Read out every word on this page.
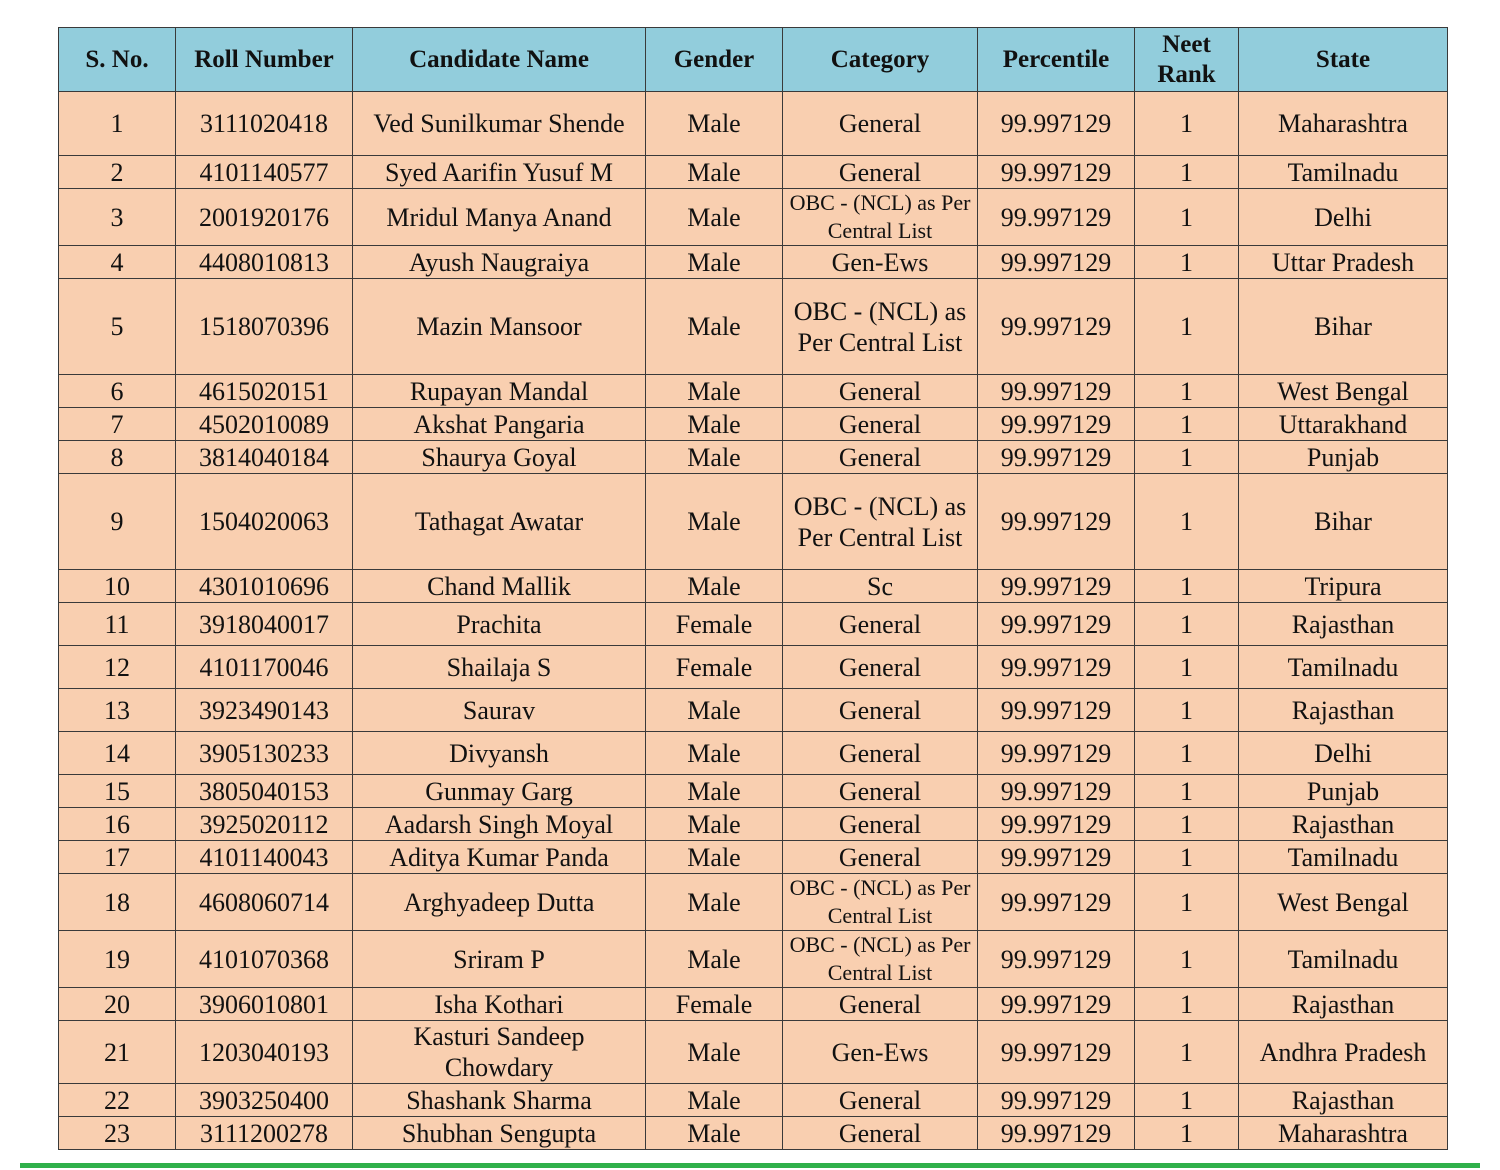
S. No.	Roll Number	Candidate Name	Gender	Category	Percentile	Neet Rank	State
1	3111020418	Ved Sunilkumar Shende	Male	General	99.997129	1	Maharashtra
2	4101140577	Syed Aarifin Yusuf M	Male	General	99.997129	1	Tamilnadu
3	2001920176	Mridul Manya Anand	Male	OBC - (NCL) as Per Central List	99.997129	1	Delhi
4	4408010813	Ayush Naugraiya	Male	Gen-Ews	99.997129	1	Uttar Pradesh
5	1518070396	Mazin Mansoor	Male	OBC - (NCL) as Per Central List	99.997129	1	Bihar
6	4615020151	Rupayan Mandal	Male	General	99.997129	1	West Bengal
7	4502010089	Akshat Pangaria	Male	General	99.997129	1	Uttarakhand
8	3814040184	Shaurya Goyal	Male	General	99.997129	1	Punjab
9	1504020063	Tathagat Awatar	Male	OBC - (NCL) as Per Central List	99.997129	1	Bihar
10	4301010696	Chand Mallik	Male	Sc	99.997129	1	Tripura
11	3918040017	Prachita	Female	General	99.997129	1	Rajasthan
12	4101170046	Shailaja S	Female	General	99.997129	1	Tamilnadu
13	3923490143	Saurav	Male	General	99.997129	1	Rajasthan
14	3905130233	Divyansh	Male	General	99.997129	1	Delhi
15	3805040153	Gunmay Garg	Male	General	99.997129	1	Punjab
16	3925020112	Aadarsh Singh Moyal	Male	General	99.997129	1	Rajasthan
17	4101140043	Aditya Kumar Panda	Male	General	99.997129	1	Tamilnadu
18	4608060714	Arghyadeep Dutta	Male	OBC - (NCL) as Per Central List	99.997129	1	West Bengal
19	4101070368	Sriram P	Male	OBC - (NCL) as Per Central List	99.997129	1	Tamilnadu
20	3906010801	Isha Kothari	Female	General	99.997129	1	Rajasthan
21	1203040193	Kasturi Sandeep Chowdary	Male	Gen-Ews	99.997129	1	Andhra Pradesh
22	3903250400	Shashank Sharma	Male	General	99.997129	1	Rajasthan
23	3111200278	Shubhan Sengupta	Male	General	99.997129	1	Maharashtra
